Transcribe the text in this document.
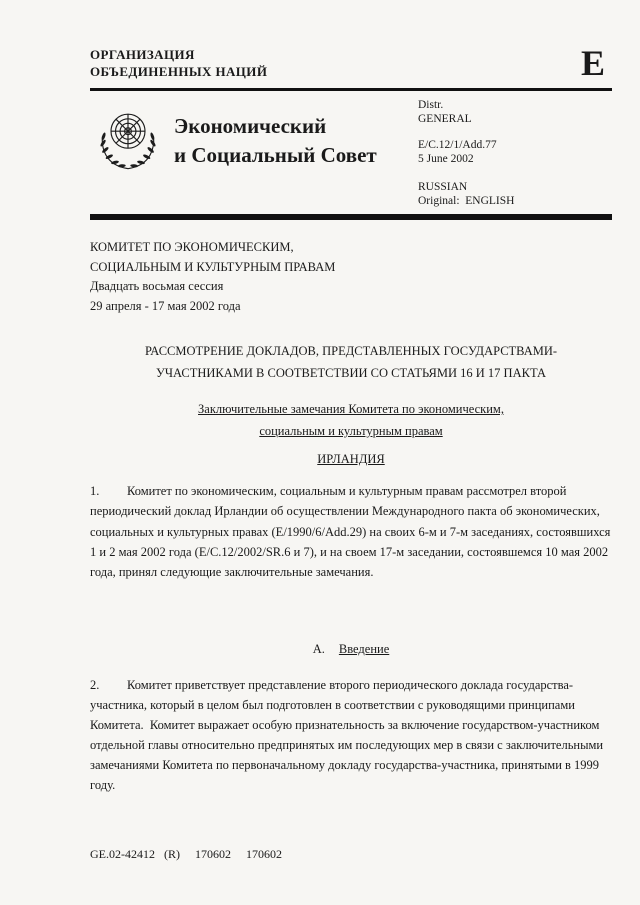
ОРГАНИЗАЦИЯ
ОБЪЕДИНЕННЫХ НАЦИЙ	E
Экономический
и Социальный Совет
Distr.
GENERAL
E/C.12/1/Add.77
5 June 2002
RUSSIAN
Original:  ENGLISH
КОМИТЕТ ПО ЭКОНОМИЧЕСКИМ,
СОЦИАЛЬНЫМ И КУЛЬТУРНЫМ ПРАВАМ
Двадцать восьмая сессия
29 апреля - 17 мая 2002 года
РАССМОТРЕНИЕ ДОКЛАДОВ, ПРЕДСТАВЛЕННЫХ ГОСУДАРСТВАМИ-
УЧАСТНИКАМИ В СООТВЕТСТВИИ СО СТАТЬЯМИ 16 И 17 ПАКТА
Заключительные замечания Комитета по экономическим,
социальным и культурным правам
ИРЛАНДИЯ
1. Комитет по экономическим, социальным и культурным правам рассмотрел второй периодический доклад Ирландии об осуществлении Международного пакта об экономических, социальных и культурных правах (E/1990/6/Add.29) на своих 6-м и 7-м заседаниях, состоявшихся 1 и 2 мая 2002 года (E/C.12/2002/SR.6 и 7), и на своем 17-м заседании, состоявшемся 10 мая 2002 года, принял следующие заключительные замечания.
A. Введение
2. Комитет приветствует представление второго периодического доклада государства-участника, который в целом был подготовлен в соответствии с руководящими принципами Комитета.  Комитет выражает особую признательность за включение государством-участником отдельной главы относительно предпринятых им последующих мер в связи с заключительными замечаниями Комитета по первоначальному докладу государства-участника, принятыми в 1999 году.
GE.02-42412   (R)     170602     170602
